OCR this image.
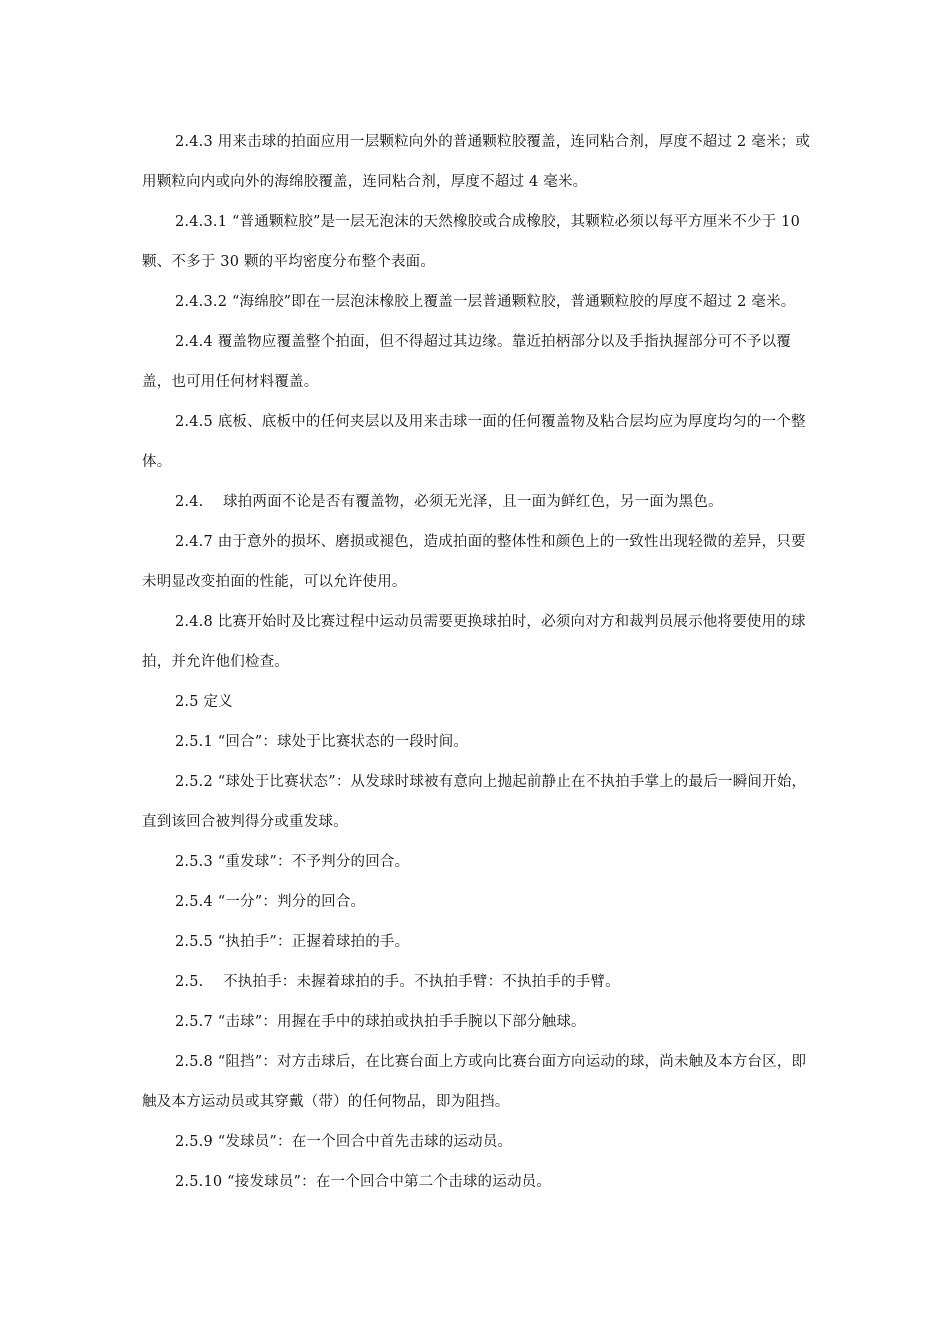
2.4.3 用来击球的拍面应用一层颗粒向外的普通颗粒胶覆盖，连同粘合剂，厚度不超过 2 毫米；或用颗粒向内或向外的海绵胶覆盖，连同粘合剂，厚度不超过 4 毫米。

2.4.3.1 “普通颗粒胶”是一层无泡沫的天然橡胶或合成橡胶，其颗粒必须以每平方厘米不少于 10 颗、不多于 30 颗的平均密度分布整个表面。

2.4.3.2 “海绵胶”即在一层泡沫橡胶上覆盖一层普通颗粒胶，普通颗粒胶的厚度不超过 2 毫米。

2.4.4 覆盖物应覆盖整个拍面，但不得超过其边缘。靠近拍柄部分以及手指执握部分可不予以覆盖，也可用任何材料覆盖。

2.4.5 底板、底板中的任何夹层以及用来击球一面的任何覆盖物及粘合层均应为厚度均匀的一个整体。

2.4.　 球拍两面不论是否有覆盖物，必须无光泽，且一面为鲜红色，另一面为黑色。

2.4.7 由于意外的损坏、磨损或褪色，造成拍面的整体性和颜色上的一致性出现轻微的差异，只要未明显改变拍面的性能，可以允许使用。

2.4.8 比赛开始时及比赛过程中运动员需要更换球拍时，必须向对方和裁判员展示他将要使用的球拍，并允许他们检查。

2.5 定义

2.5.1 “回合”：球处于比赛状态的一段时间。

2.5.2 “球处于比赛状态”：从发球时球被有意向上抛起前静止在不执拍手掌上的最后一瞬间开始，直到该回合被判得分或重发球。

2.5.3 “重发球”：不予判分的回合。

2.5.4 “一分”：判分的回合。

2.5.5 “执拍手”：正握着球拍的手。

2.5.　 不执拍手：未握着球拍的手。不执拍手臂：不执拍手的手臂。

2.5.7 “击球”：用握在手中的球拍或执拍手手腕以下部分触球。

2.5.8 “阻挡”：对方击球后，在比赛台面上方或向比赛台面方向运动的球，尚未触及本方台区，即触及本方运动员或其穿戴（带）的任何物品，即为阻挡。

2.5.9 “发球员”：在一个回合中首先击球的运动员。

2.5.10 “接发球员”：在一个回合中第二个击球的运动员。
